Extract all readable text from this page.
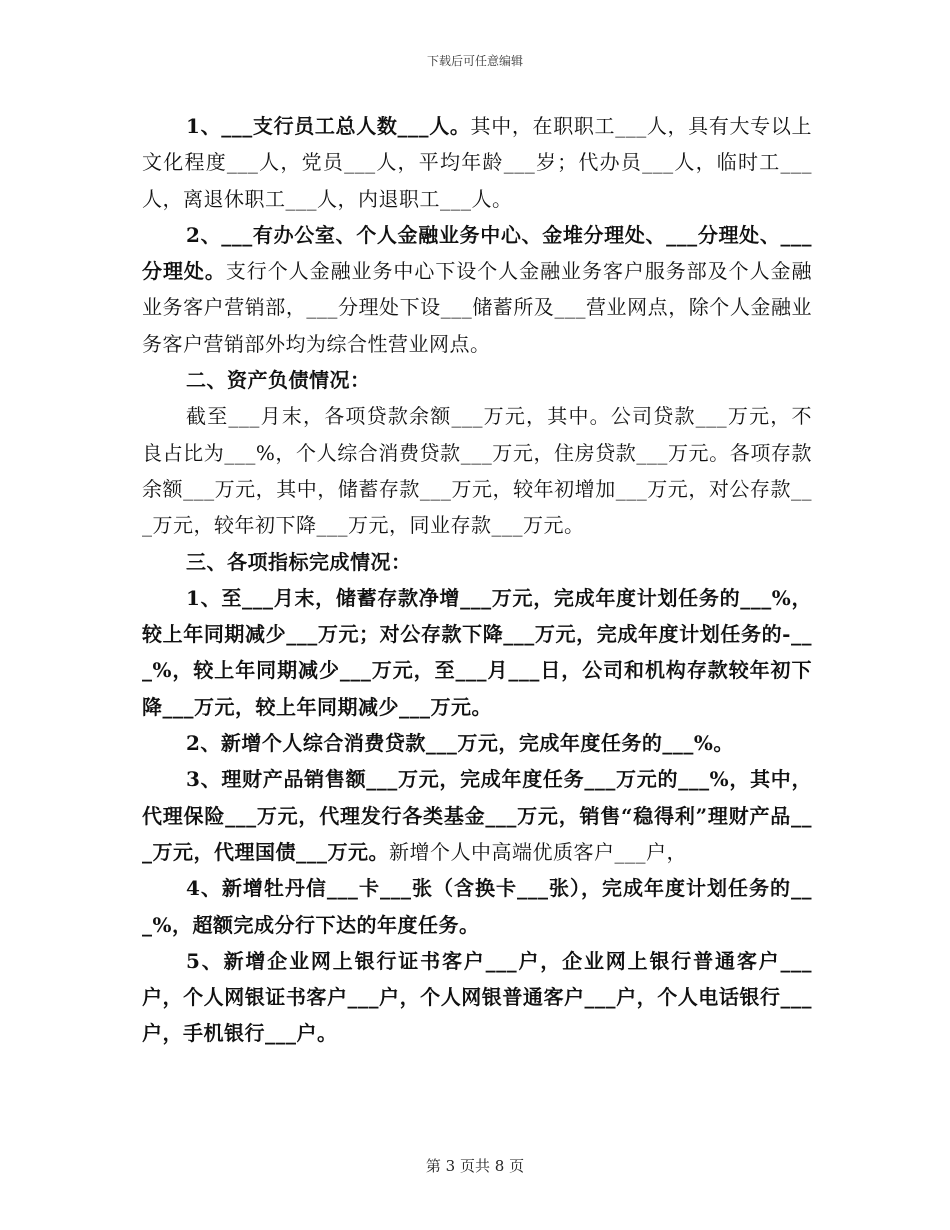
下载后可任意编辑

1、___支行员工总人数___人。其中，在职职工___人，具有大专以上文化程度___人，党员___人，平均年龄___岁；代办员___人，临时工___人，离退休职工___人，内退职工___人。

2、___有办公室、个人金融业务中心、金堆分理处、___分理处、___分理处。支行个人金融业务中心下设个人金融业务客户服务部及个人金融业务客户营销部，___分理处下设___储蓄所及___营业网点，除个人金融业务客户营销部外均为综合性营业网点。

二、资产负债情况：

截至___月末，各项贷款余额___万元，其中。公司贷款___万元，不良占比为___%，个人综合消费贷款___万元，住房贷款___万元。各项存款余额___万元，其中，储蓄存款___万元，较年初增加___万元，对公存款___万元，较年初下降___万元，同业存款___万元。

三、各项指标完成情况：

1、至___月末，储蓄存款净增___万元，完成年度计划任务的___%，较上年同期减少___万元；对公存款下降___万元，完成年度计划任务的-___%，较上年同期减少___万元，至___月___日，公司和机构存款较年初下降___万元，较上年同期减少___万元。

2、新增个人综合消费贷款___万元，完成年度任务的___%。

3、理财产品销售额___万元，完成年度任务___万元的___%，其中，代理保险___万元，代理发行各类基金___万元，销售“稳得利”理财产品___万元，代理国债___万元。新增个人中高端优质客户___户，

4、新增牡丹信___卡___张（含换卡___张），完成年度计划任务的___%，超额完成分行下达的年度任务。

5、新增企业网上银行证书客户___户，企业网上银行普通客户___户，个人网银证书客户___户，个人网银普通客户___户，个人电话银行___户，手机银行___户。

第 3 页共 8 页
